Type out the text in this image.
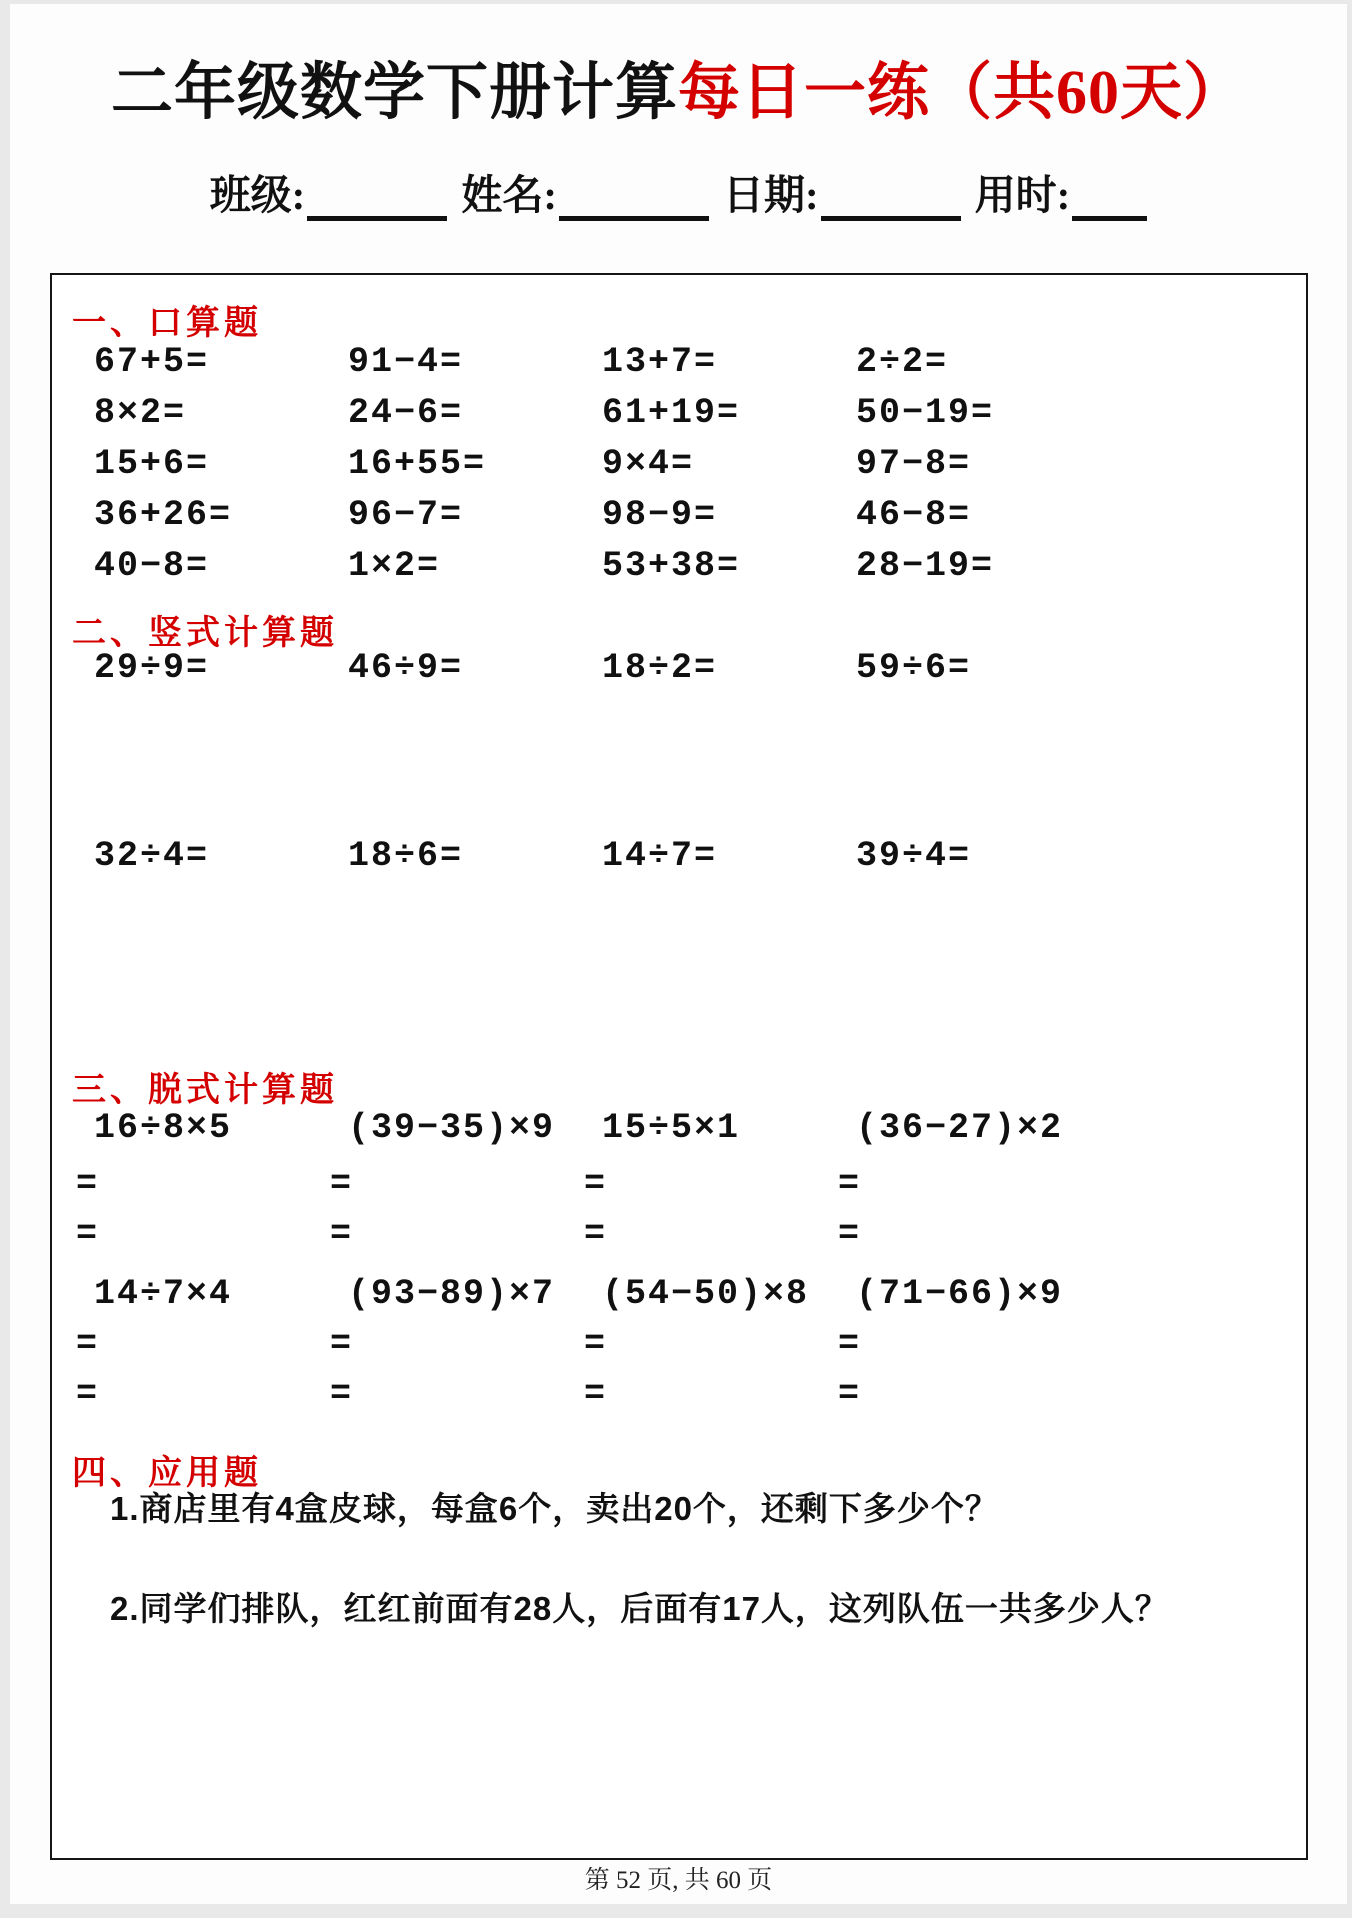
二年级数学下册计算每日一练（共60天）
班级:	姓名:	日期:	用时:
一、口算题
67+5=	91−4=	13+7=	2÷2=
8×2=	24−6=	61+19=	50−19=
15+6=	16+55=	9×4=	97−8=
36+26=	96−7=	98−9=	46−8=
40−8=	1×2=	53+38=	28−19=
二、竖式计算题
29÷9=	46÷9=	18÷2=	59÷6=
32÷4=	18÷6=	14÷7=	39÷4=
三、脱式计算题
16÷8×5	(39−35)×9	15÷5×1	(36−27)×2
=	=	=	=
=	=	=	=
14÷7×4	(93−89)×7	(54−50)×8	(71−66)×9
=	=	=	=
=	=	=	=
四、应用题
1.商店里有4盒皮球，每盒6个，卖出20个，还剩下多少个？
2.同学们排队，红红前面有28人，后面有17人，这列队伍一共多少人？
第 52 页, 共 60 页
